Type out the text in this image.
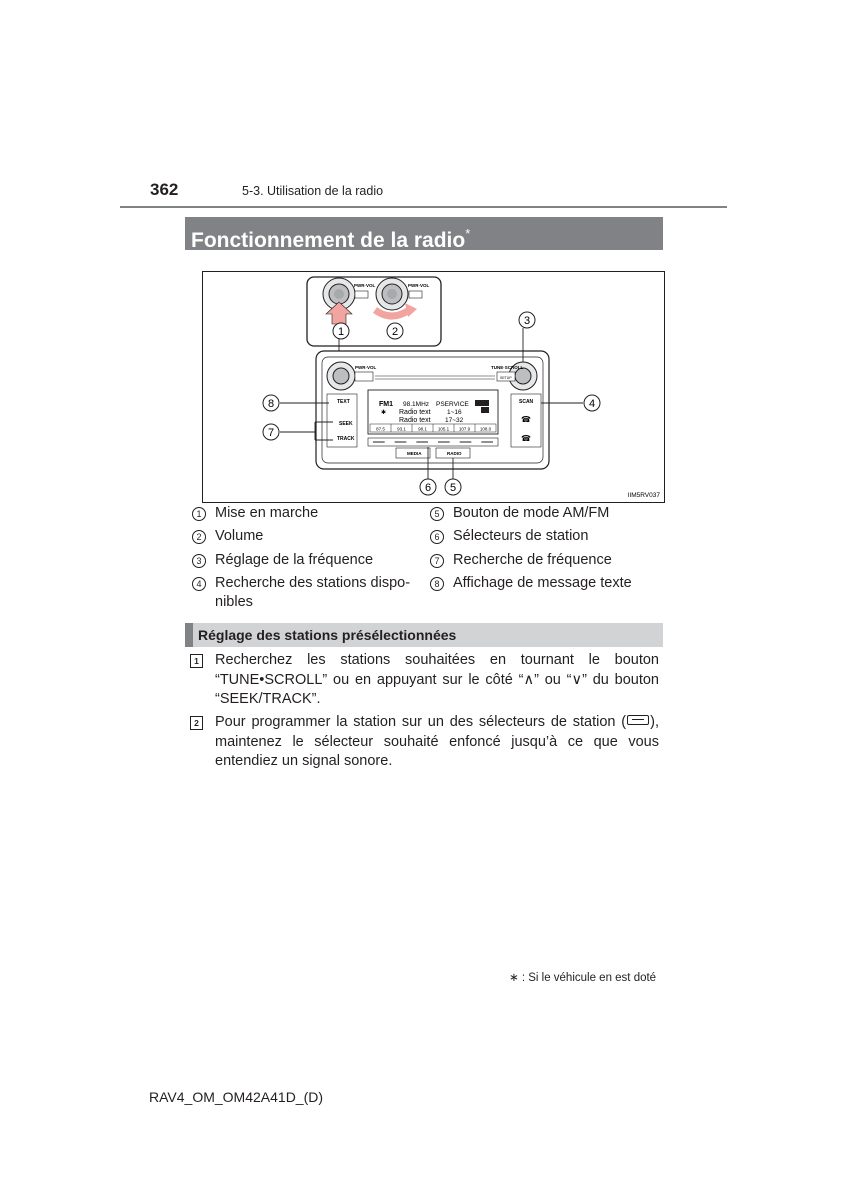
362	5-3. Utilisation de la radio
Fonctionnement de la radio*
PWR·VOL	PWR·VOL
1	2
PWR·VOL	TUNE·SCROLL
SETUP
TEXT
SEEK
TRACK
SCAN
☎
☎
FM1 98.1MHz PSERVICE
✱ Radio text	1~16
Radio text 17~32
87.5	93.1	98.1 105.1 107.9 108.0
MEDIA	RADIO
3
4
5
6
7
8
IIM5RV037
1 Mise en marche
2 Volume
3 Réglage de la fréquence
4 Recherche des stations dispo-nibles
5 Bouton de mode AM/FM
6 Sélecteurs de station
7 Recherche de fréquence
8 Affichage de message texte
Réglage des stations présélectionnées
1 Recherchez les stations souhaitées en tournant le bouton “TUNE•SCROLL” ou en appuyant sur le côté “∧” ou “∨” du bouton “SEEK/TRACK”.
2 Pour programmer la station sur un des sélecteurs de station ( ), maintenez le sélecteur souhaité enfoncé jusqu’à ce que vous entendiez un signal sonore.
∗ : Si le véhicule en est doté
RAV4_OM_OM42A41D_(D)
